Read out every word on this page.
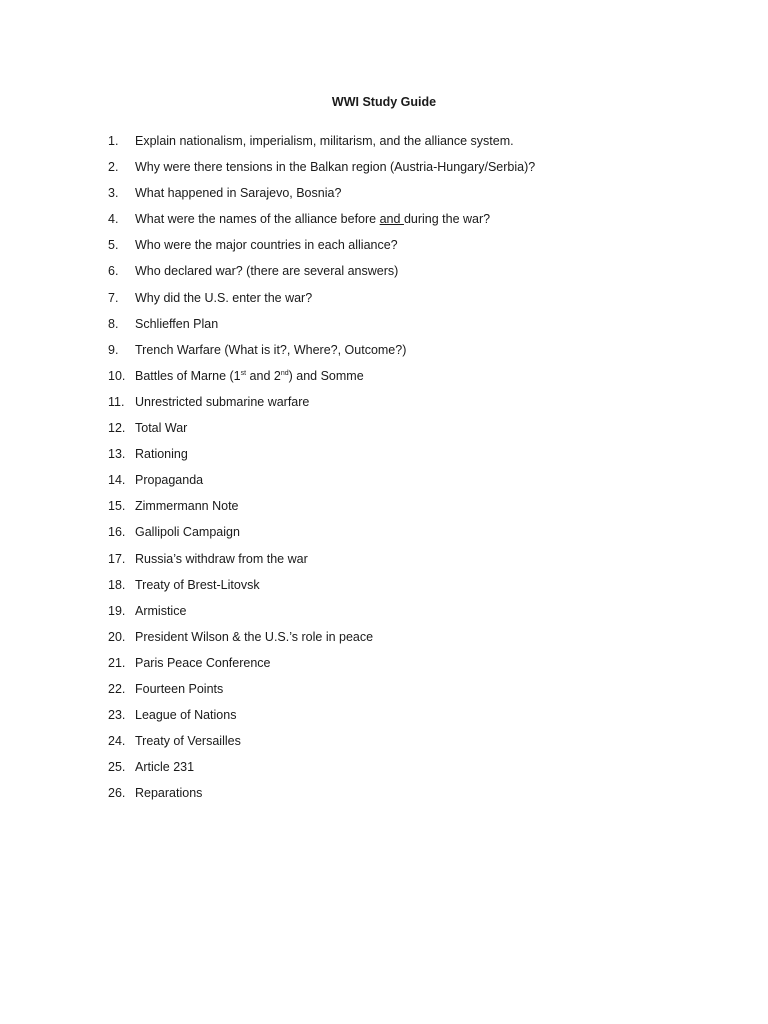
WWI Study Guide
1. Explain nationalism, imperialism, militarism, and the alliance system.
2. Why were there tensions in the Balkan region (Austria-Hungary/Serbia)?
3. What happened in Sarajevo, Bosnia?
4. What were the names of the alliance before and during the war?
5. Who were the major countries in each alliance?
6. Who declared war? (there are several answers)
7. Why did the U.S. enter the war?
8. Schlieffen Plan
9. Trench Warfare (What is it?, Where?, Outcome?)
10. Battles of Marne (1st and 2nd) and Somme
11. Unrestricted submarine warfare
12. Total War
13. Rationing
14. Propaganda
15. Zimmermann Note
16. Gallipoli Campaign
17. Russia’s withdraw from the war
18. Treaty of Brest-Litovsk
19. Armistice
20. President Wilson & the U.S.’s role in peace
21. Paris Peace Conference
22. Fourteen Points
23. League of Nations
24. Treaty of Versailles
25. Article 231
26. Reparations
